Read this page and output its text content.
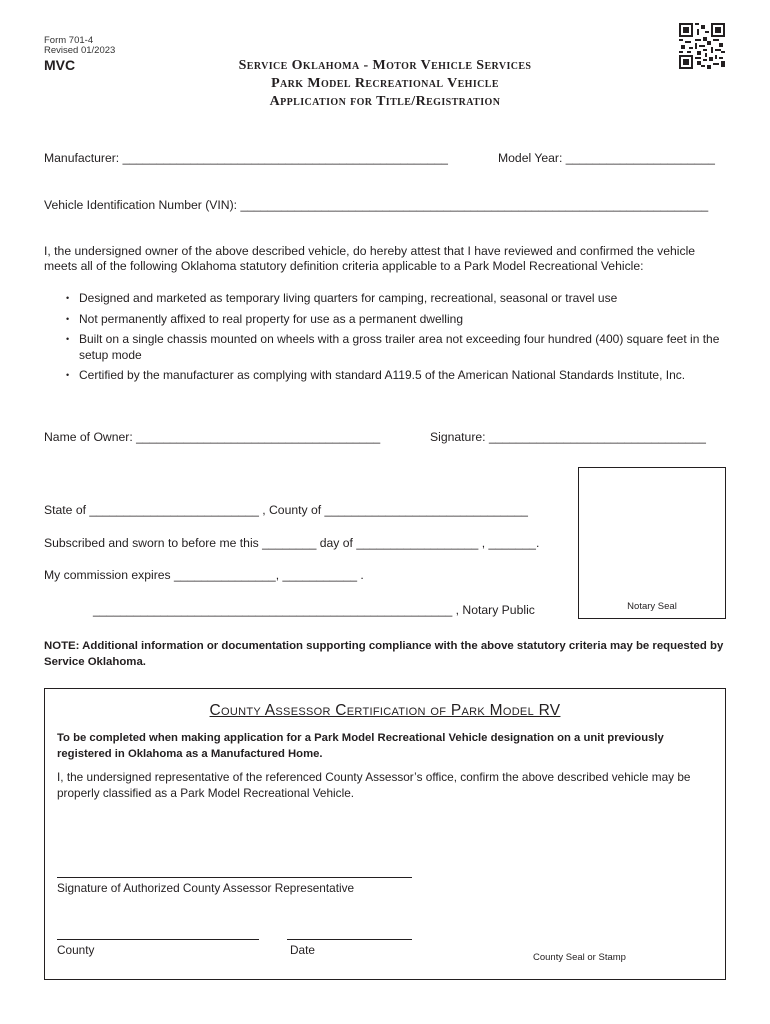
Form 701-4
Revised 01/2023
MVC	Service Oklahoma - Motor Vehicle Services
Park Model Recreational Vehicle
Application for Title/Registration
Manufacturer: ________________________________________________	Model Year: ______________________
Vehicle Identification Number (VIN): _____________________________________________________________________
I, the undersigned owner of the above described vehicle, do hereby attest that I have reviewed and confirmed the vehicle meets all of the following Oklahoma statutory definition criteria applicable to a Park Model Recreational Vehicle:
• Designed and marketed as temporary living quarters for camping, recreational, seasonal or travel use
• Not permanently affixed to real property for use as a permanent dwelling
• Built on a single chassis mounted on wheels with a gross trailer area not exceeding four hundred (400) square feet in the setup mode
• Certified by the manufacturer as complying with standard A119.5 of the American National Standards Institute, Inc.
Name of Owner: ____________________________________	Signature: ________________________________
State of _________________________ , County of ______________________________
Subscribed and sworn to before me this ________ day of __________________ , _______.
My commission expires _______________, ___________ .
_____________________________________________________ , Notary Public	Notary Seal
NOTE: Additional information or documentation supporting compliance with the above statutory criteria may be requested by Service Oklahoma.
County Assessor Certification of Park Model RV
To be completed when making application for a Park Model Recreational Vehicle designation on a unit previously registered in Oklahoma as a Manufactured Home.
I, the undersigned representative of the referenced County Assessor’s office, confirm the above described vehicle may be properly classified as a Park Model Recreational Vehicle.
Signature of Authorized County Assessor Representative
County	Date
County Seal or Stamp
